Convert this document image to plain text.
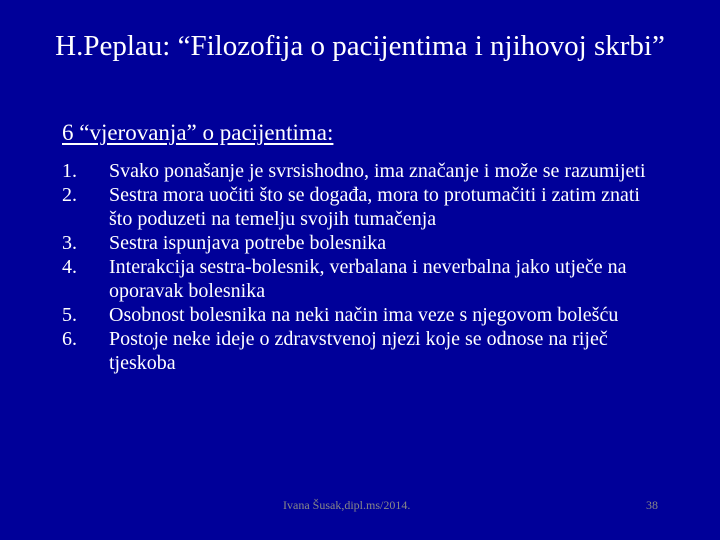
H.Peplau: “Filozofija o pacijentima i njihovoj skrbi”
6 “vjerovanja” o pacijentima:
1.	Svako ponašanje je svrsishodno, ima značanje i može se razumijeti
2.	Sestra mora uočiti što se događa, mora to protumačiti i zatim znati što poduzeti na temelju svojih tumačenja
3.	Sestra ispunjava potrebe bolesnika
4.	Interakcija sestra-bolesnik, verbalana i neverbalna jako utječe na oporavak bolesnika
5.	Osobnost bolesnika na neki način ima veze s njegovom bolešću
6.	Postoje neke ideje o zdravstvenoj njezi koje se odnose na riječ tjeskoba
Ivana Šusak,dipl.ms/2014.	38
